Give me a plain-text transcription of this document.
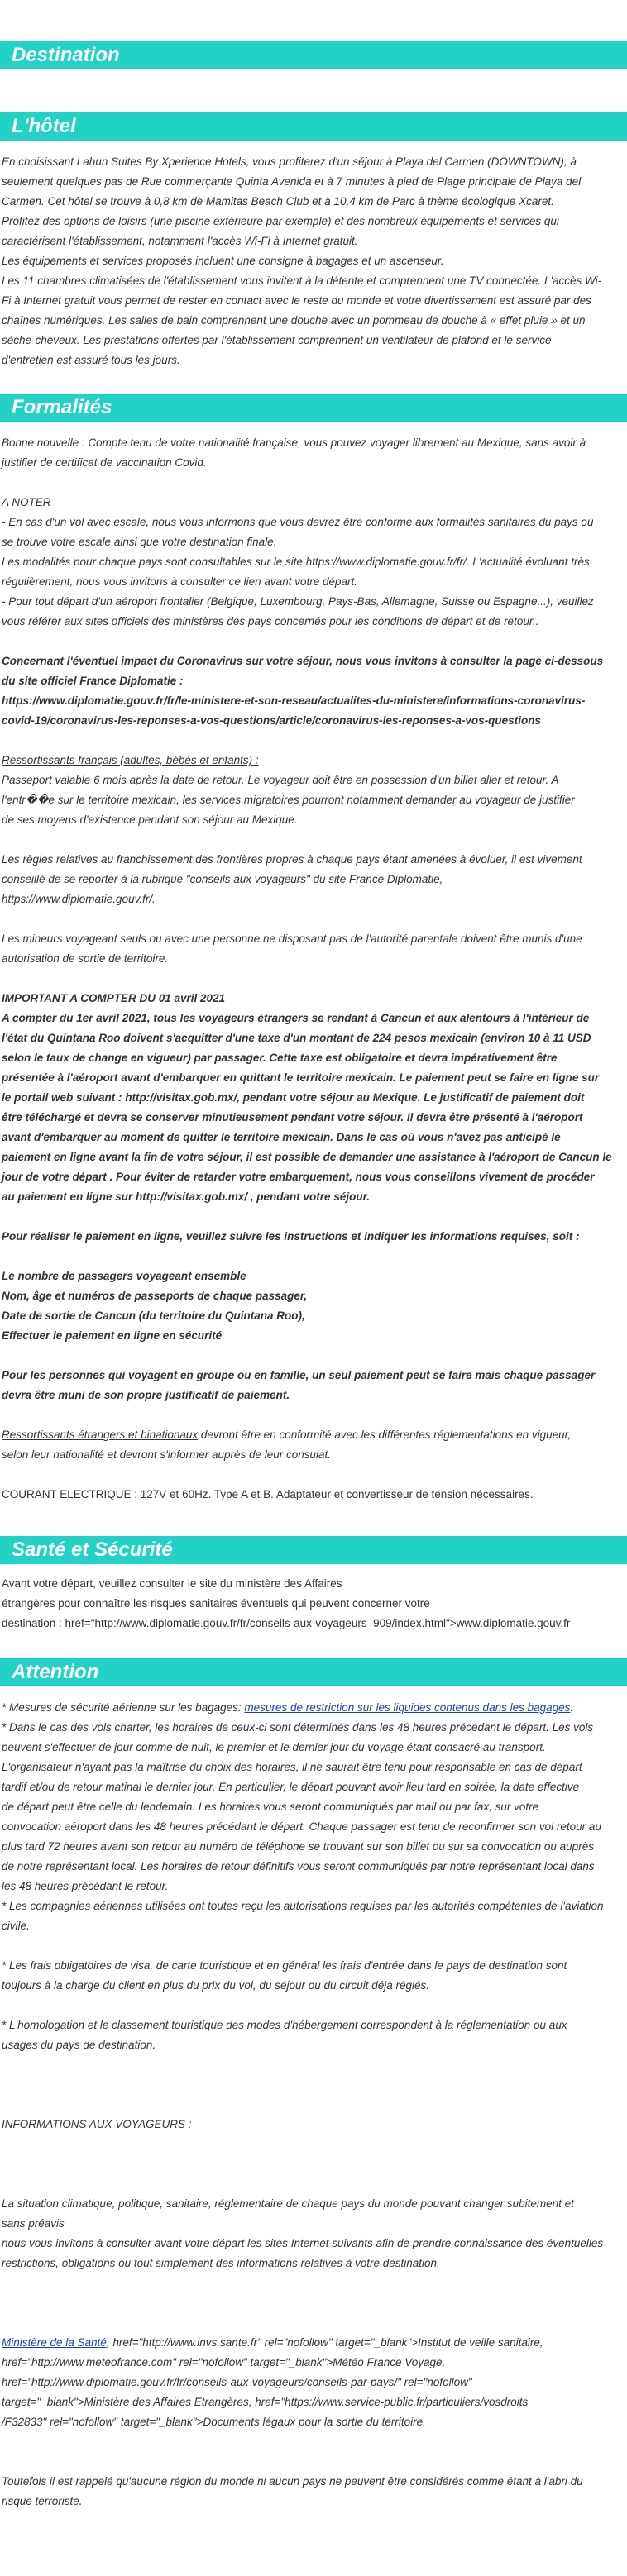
Destination
L'hôtel

En choisissant Lahun Suites By Xperience Hotels, vous profiterez d'un séjour à Playa del Carmen (DOWNTOWN), à

seulement quelques pas de Rue commerçante Quinta Avenida et à 7 minutes à pied de Plage principale de Playa del

Carmen. Cet hôtel se trouve à 0,8 km de Mamitas Beach Club et à 10,4 km de Parc à thème écologique Xcaret.

Profitez des options de loisirs (une piscine extérieure par exemple) et des nombreux équipements et services qui

caractérisent l'établissement, notamment l'accès Wi-Fi à Internet gratuit.

Les équipements et services proposés incluent une consigne à bagages et un ascenseur.

Les 11 chambres climatisées de l'établissement vous invitent à la détente et comprennent une TV connectée. L'accès Wi-

Fi à Internet gratuit vous permet de rester en contact avec le reste du monde et votre divertissement est assuré par des

chaînes numériques. Les salles de bain comprennent une douche avec un pommeau de douche à « effet pluie » et un

sèche-cheveux. Les prestations offertes par l'établissement comprennent un ventilateur de plafond et le service

d'entretien est assuré tous les jours.

Formalités

Bonne nouvelle : Compte tenu de votre nationalité française, vous pouvez voyager librement au Mexique, sans avoir à

justifier de certificat de vaccination Covid.

A NOTER

- En cas d'un vol avec escale, nous vous informons que vous devrez être conforme aux formalités sanitaires du pays où

se trouve votre escale ainsi que votre destination finale.

Les modalités pour chaque pays sont consultables sur le site https://www.diplomatie.gouv.fr/fr/. L'actualité évoluant très

régulièrement, nous vous invitons à consulter ce lien avant votre départ.

- Pour tout départ d'un aéroport frontalier (Belgique, Luxembourg, Pays-Bas, Allemagne, Suisse ou Espagne...), veuillez

vous référer aux sites officiels des ministères des pays concernés pour les conditions de départ et de retour..

Concernant l'éventuel impact du Coronavirus sur votre séjour, nous vous invitons à consulter la page ci-dessous

du site officiel France Diplomatie :

https://www.diplomatie.gouv.fr/fr/le-ministere-et-son-reseau/actualites-du-ministere/informations-coronavirus-

covid-19/coronavirus-les-reponses-a-vos-questions/article/coronavirus-les-reponses-a-vos-questions

Ressortissants français (adultes, bébés et enfants) :

Passeport valable 6 mois après la date de retour. Le voyageur doit être en possession d'un billet aller et retour. A

l'entr��e sur le territoire mexicain, les services migratoires pourront notamment demander au voyageur de justifier

de ses moyens d'existence pendant son séjour au Mexique.

Les règles relatives au franchissement des frontières propres à chaque pays étant amenées à évoluer, il est vivement

conseillé de se reporter à la rubrique "conseils aux voyageurs" du site France Diplomatie,

https://www.diplomatie.gouv.fr/.

Les mineurs voyageant seuls ou avec une personne ne disposant pas de l'autorité parentale doivent être munis d'une

autorisation de sortie de territoire.

IMPORTANT A COMPTER DU 01 avril 2021

A compter du 1er avril 2021, tous les voyageurs étrangers se rendant à Cancun et aux alentours à l'intérieur de

l'état du Quintana Roo doivent s'acquitter d'une taxe d'un montant de 224 pesos mexicain (environ 10 à 11 USD

selon le taux de change en vigueur) par passager. Cette taxe est obligatoire et devra impérativement être

présentée à l'aéroport avant d'embarquer en quittant le territoire mexicain. Le paiement peut se faire en ligne sur

le portail web suivant : http://visitax.gob.mx/, pendant votre séjour au Mexique. Le justificatif de paiement doit

être téléchargé et devra se conserver minutieusement pendant votre séjour. Il devra être présenté à l'aéroport

avant d'embarquer au moment de quitter le territoire mexicain. Dans le cas où vous n'avez pas anticipé le

paiement en ligne avant la fin de votre séjour, il est possible de demander une assistance à l'aéroport de Cancun le

jour de votre départ . Pour éviter de retarder votre embarquement, nous vous conseillons vivement de procéder

au paiement en ligne sur http://visitax.gob.mx/ , pendant votre séjour.

Pour réaliser le paiement en ligne, veuillez suivre les instructions et indiquer les informations requises, soit :

Le nombre de passagers voyageant ensemble

Nom, âge et numéros de passeports de chaque passager,

Date de sortie de Cancun (du territoire du Quintana Roo),

Effectuer le paiement en ligne en sécurité

Pour les personnes qui voyagent en groupe ou en famille, un seul paiement peut se faire mais chaque passager

devra être muni de son propre justificatif de paiement.

Ressortissants étrangers et binationaux devront être en conformité avec les différentes réglementations en vigueur,

selon leur nationalité et devront s'informer auprès de leur consulat.

COURANT ELECTRIQUE : 127V et 60Hz. Type A et B. Adaptateur et convertisseur de tension nécessaires.

Santé et Sécurité

Avant votre départ, veuillez consulter le site du ministère des Affaires

étrangères pour connaître les risques sanitaires éventuels qui peuvent concerner votre

destination : href="http://www.diplomatie.gouv.fr/fr/conseils-aux-voyageurs_909/index.html">www.diplomatie.gouv.fr

Attention

* Mesures de sécurité aérienne sur les bagages: mesures de restriction sur les liquides contenus dans les bagages.

* Dans le cas des vols charter, les horaires de ceux-ci sont déterminés dans les 48 heures précédant le départ. Les vols

peuvent s'effectuer de jour comme de nuit, le premier et le dernier jour du voyage étant consacré au transport.

L'organisateur n'ayant pas la maîtrise du choix des horaires, il ne saurait être tenu pour responsable en cas de départ

tardif et/ou de retour matinal le dernier jour. En particulier, le départ pouvant avoir lieu tard en soirée, la date effective

de départ peut être celle du lendemain. Les horaires vous seront communiqués par mail ou par fax, sur votre

convocation aéroport dans les 48 heures précédant le départ. Chaque passager est tenu de reconfirmer son vol retour au

plus tard 72 heures avant son retour au numéro de téléphone se trouvant sur son billet ou sur sa convocation ou auprès

de notre représentant local. Les horaires de retour définitifs vous seront communiqués par notre représentant local dans

les 48 heures précédant le retour.

* Les compagnies aériennes utilisées ont toutes reçu les autorisations requises par les autorités compétentes de l'aviation

civile.

* Les frais obligatoires de visa, de carte touristique et en général les frais d'entrée dans le pays de destination sont

toujours à la charge du client en plus du prix du vol, du séjour ou du circuit déjà réglés.

* L'homologation et le classement touristique des modes d'hébergement correspondent à la réglementation ou aux

usages du pays de destination.

INFORMATIONS AUX VOYAGEURS :

La situation climatique, politique, sanitaire, réglementaire de chaque pays du monde pouvant changer subitement et

sans préavis

nous vous invitons à consulter avant votre départ les sites Internet suivants afin de prendre connaissance des éventuelles

restrictions, obligations ou tout simplement des informations relatives à votre destination.

Ministère de la Santé, href="http://www.invs.sante.fr" rel="nofollow" target="_blank">Institut de veille sanitaire,

href="http://www.meteofrance.com" rel="nofollow" target="_blank">Météo France Voyage,

href="http://www.diplomatie.gouv.fr/fr/conseils-aux-voyageurs/conseils-par-pays/" rel="nofollow"

target="_blank">Ministère des Affaires Etrangères, href="https://www.service-public.fr/particuliers/vosdroits

/F32833" rel="nofollow" target="_blank">Documents légaux pour la sortie du territoire.

Toutefois il est rappelé qu'aucune région du monde ni aucun pays ne peuvent être considérés comme étant à l'abri du

risque terroriste.
